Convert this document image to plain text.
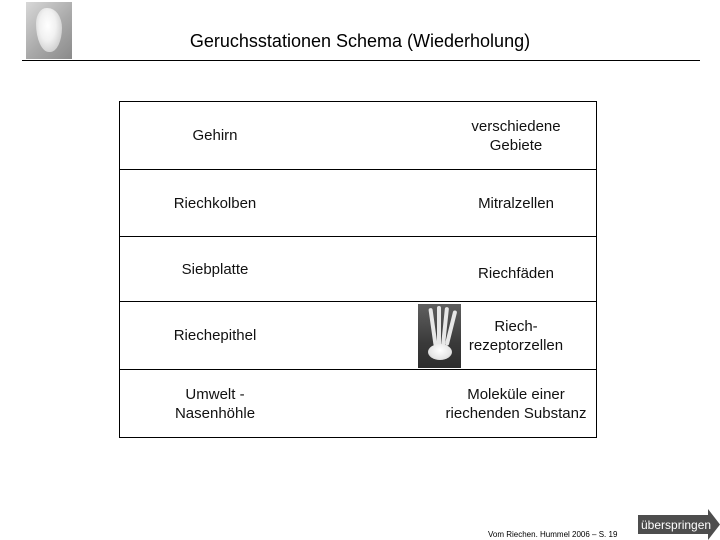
Geruchsstationen Schema (Wiederholung)
Gehirn
verschiedene
Gebiete
Riechkolben	Mitralzellen
Siebplatte	Riechfäden
Riechepithel
Riech-
rezeptorzellen
Umwelt -
Nasenhöhle
Moleküle einer
riechenden Substanz
Vom Riechen. Hummel 2006 – S. 19
überspringen
